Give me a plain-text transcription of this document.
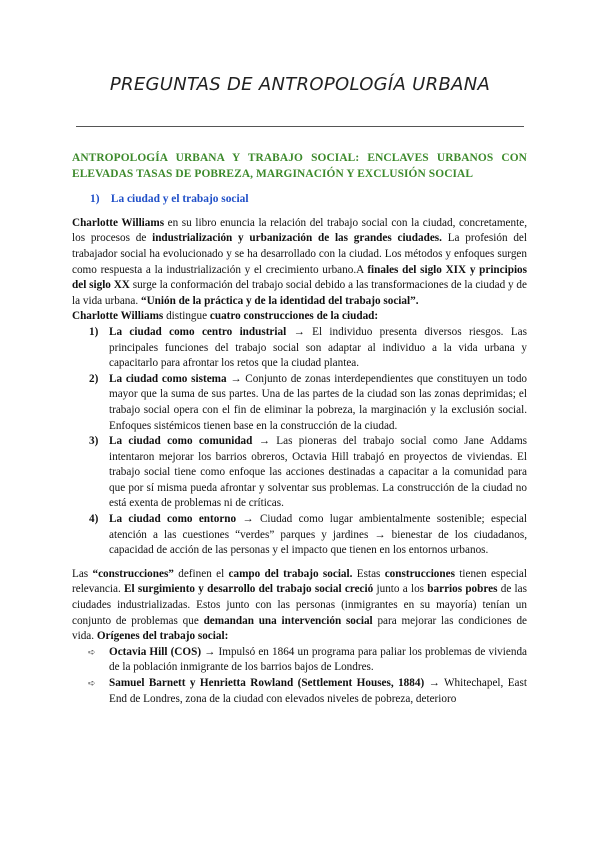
PREGUNTAS DE ANTROPOLOGÍA URBANA

ANTROPOLOGÍA URBANA Y TRABAJO SOCIAL: ENCLAVES URBANOS CON ELEVADAS TASAS DE POBREZA, MARGINACIÓN Y EXCLUSIÓN SOCIAL

1) La ciudad y el trabajo social

Charlotte Williams en su libro enuncia la relación del trabajo social con la ciudad, concretamente, los procesos de industrialización y urbanización de las grandes ciudades. La profesión del trabajador social ha evolucionado y se ha desarrollado con la ciudad. Los métodos y enfoques surgen como respuesta a la industrialización y el crecimiento urbano.A finales del siglo XIX y principios del siglo XX surge la conformación del trabajo social debido a las transformaciones de la ciudad y de la vida urbana. “Unión de la práctica y de la identidad del trabajo social”.

Charlotte Williams distingue cuatro construcciones de la ciudad:

1) La ciudad como centro industrial → El individuo presenta diversos riesgos. Las principales funciones del trabajo social son adaptar al individuo a la vida urbana y capacitarlo para afrontar los retos que la ciudad plantea.
2) La ciudad como sistema → Conjunto de zonas interdependientes que constituyen un todo mayor que la suma de sus partes. Una de las partes de la ciudad son las zonas deprimidas; el trabajo social opera con el fin de eliminar la pobreza, la marginación y la exclusión social. Enfoques sistémicos tienen base en la construcción de la ciudad.
3) La ciudad como comunidad → Las pioneras del trabajo social como Jane Addams intentaron mejorar los barrios obreros, Octavia Hill trabajó en proyectos de viviendas. El trabajo social tiene como enfoque las acciones destinadas a capacitar a la comunidad para que por sí misma pueda afrontar y solventar sus problemas. La construcción de la ciudad no está exenta de problemas ni de críticas.
4) La ciudad como entorno → Ciudad como lugar ambientalmente sostenible; especial atención a las cuestiones “verdes” parques y jardines → bienestar de los ciudadanos, capacidad de acción de las personas y el impacto que tienen en los entornos urbanos.

Las “construcciones” definen el campo del trabajo social. Estas construcciones tienen especial relevancia. El surgimiento y desarrollo del trabajo social creció junto a los barrios pobres de las ciudades industrializadas. Estos junto con las personas (inmigrantes en su mayoría) tenían un conjunto de problemas que demandan una intervención social para mejorar las condiciones de vida. Orígenes del trabajo social:

➪ Octavia Hill (COS) → Impulsó en 1864 un programa para paliar los problemas de vivienda de la población inmigrante de los barrios bajos de Londres.
➪ Samuel Barnett y Henrietta Rowland (Settlement Houses, 1884) → Whitechapel, East End de Londres, zona de la ciudad con elevados niveles de pobreza, deterioro
